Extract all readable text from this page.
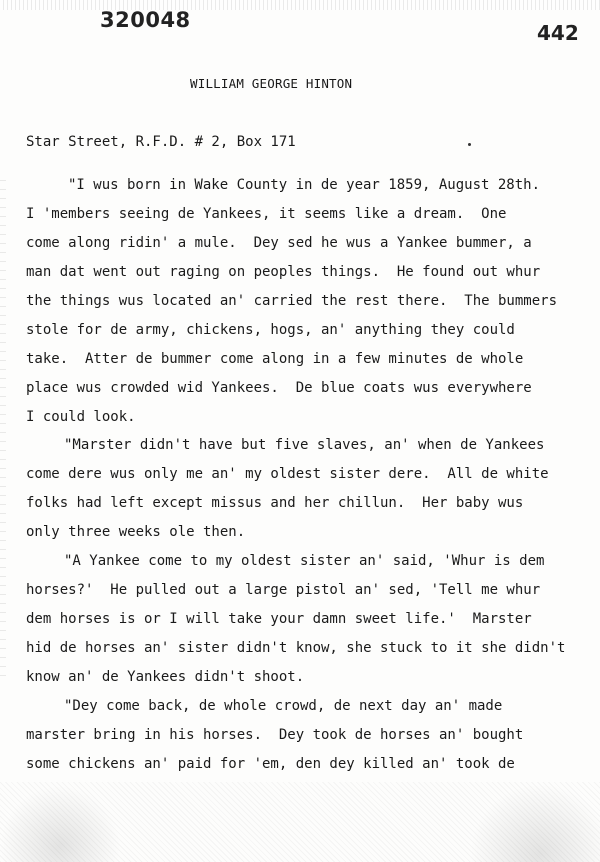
320048
442
WILLIAM GEORGE HINTON
Star Street, R.F.D. # 2, Box 171
"I wus born in Wake County in de year 1859, August 28th.
I 'members seeing de Yankees, it seems like a dream.  One
come along ridin' a mule.  Dey sed he wus a Yankee bummer, a
man dat went out raging on peoples things.  He found out whur
the things wus located an' carried the rest there.  The bummers
stole for de army, chickens, hogs, an' anything they could
take.  Atter de bummer come along in a few minutes de whole
place wus crowded wid Yankees.  De blue coats wus everywhere
I could look.
"Marster didn't have but five slaves, an' when de Yankees
come dere wus only me an' my oldest sister dere.  All de white
folks had left except missus and her chillun.  Her baby wus
only three weeks ole then.
"A Yankee come to my oldest sister an' said, 'Whur is dem
horses?'  He pulled out a large pistol an' sed, 'Tell me whur
dem horses is or I will take your damn sweet life.'  Marster
hid de horses an' sister didn't know, she stuck to it she didn't
know an' de Yankees didn't shoot.
"Dey come back, de whole crowd, de next day an' made
marster bring in his horses.  Dey took de horses an' bought
some chickens an' paid for 'em, den dey killed an' took de
